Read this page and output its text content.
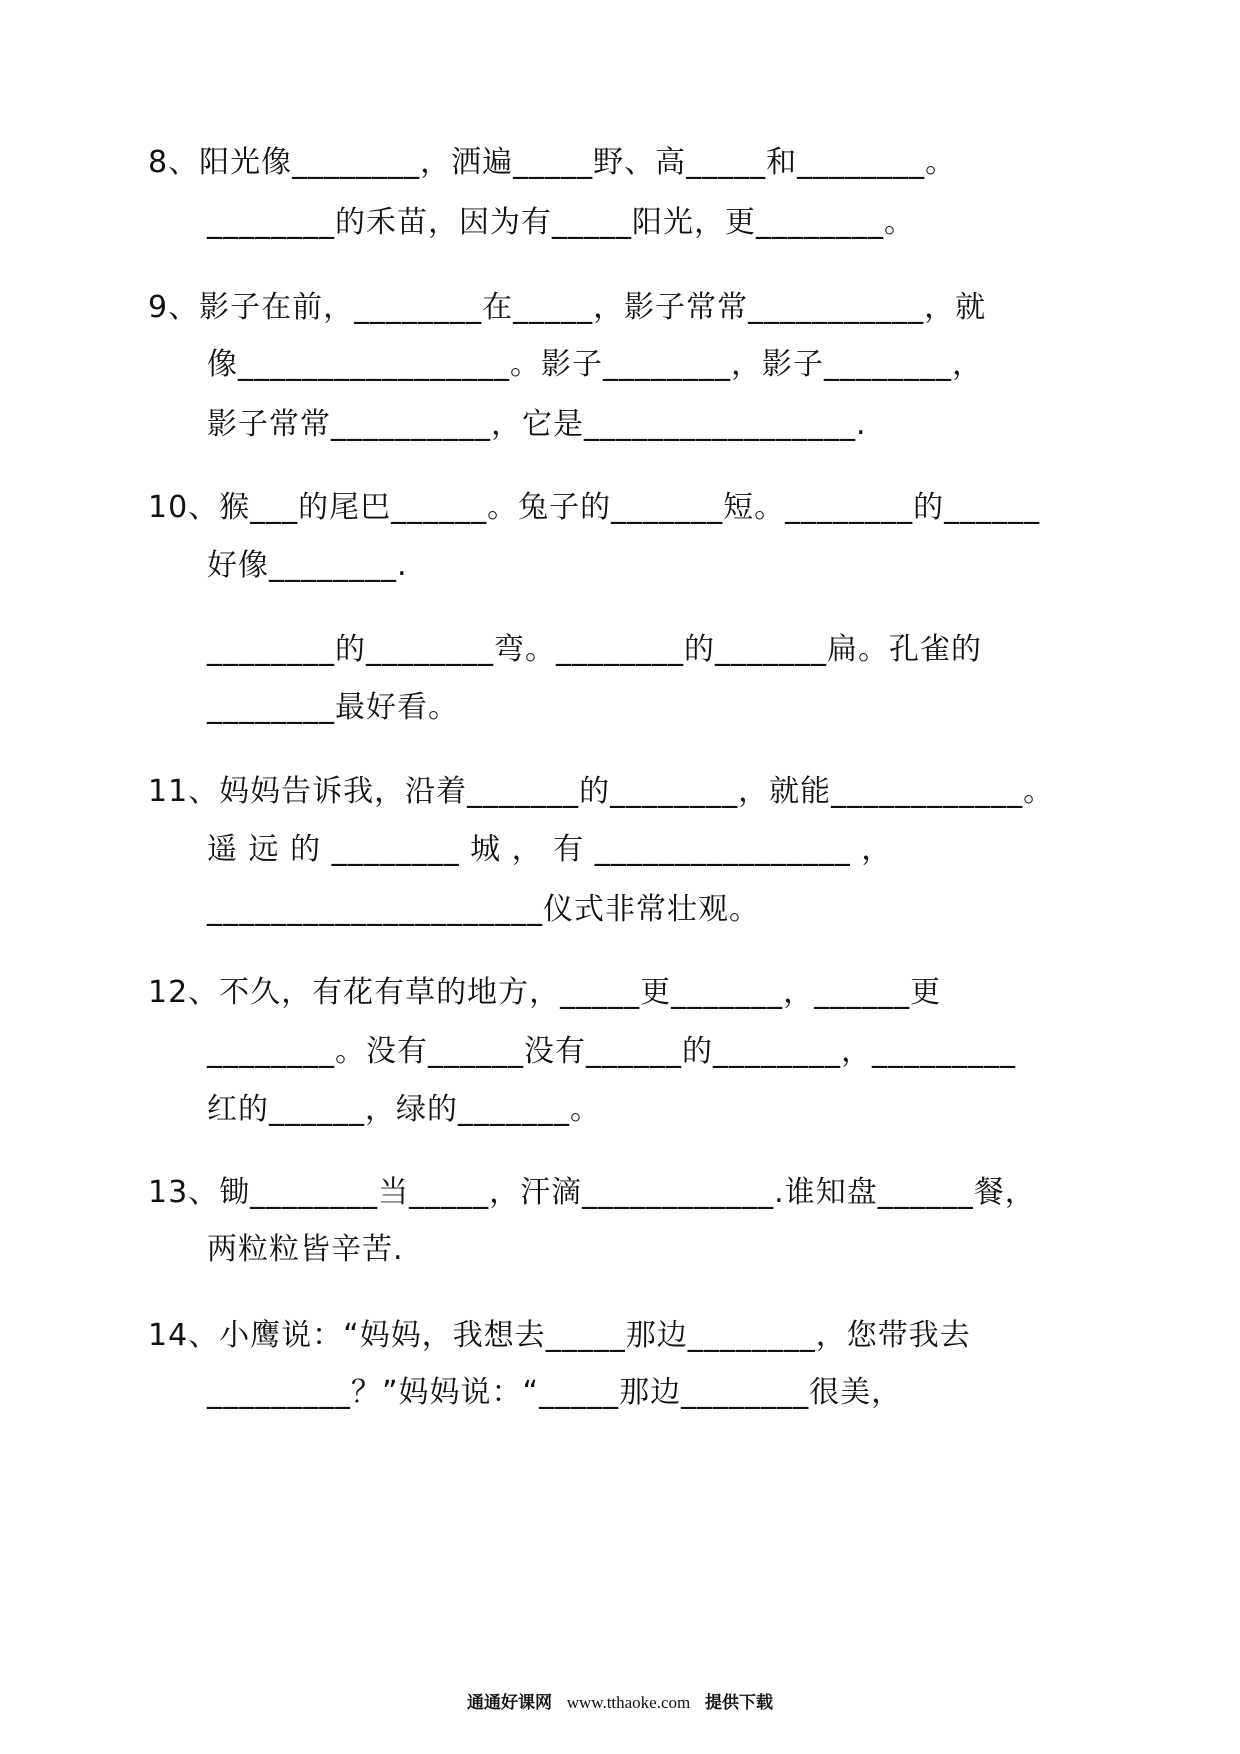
8、阳光像________，洒遍_____野、高_____和________。
________的禾苗，因为有_____阳光，更________。
9、影子在前，________在_____，影子常常___________，就
像_________________。影子________，影子________，
影子常常__________，它是_________________.
10、猴___的尾巴______。兔子的_______短。________的______
好像________.
________的________弯。________的_______扁。孔雀的
________最好看。
11、妈妈告诉我，沿着_______的________，就能____________。
遥 远 的 ________ 城 ， 有 ________________ ，
_____________________仪式非常壮观。
12、不久，有花有草的地方，_____更_______，______更
________。没有______没有______的________，_________
红的______，绿的_______。
13、锄________当_____，汗滴____________.谁知盘______餐，
两粒粒皆辛苦.
14、小鹰说：“妈妈，我想去_____那边________，您带我去
_________？”妈妈说：“_____那边________很美，
通通好课网 www.tthaoke.com 提供下载
